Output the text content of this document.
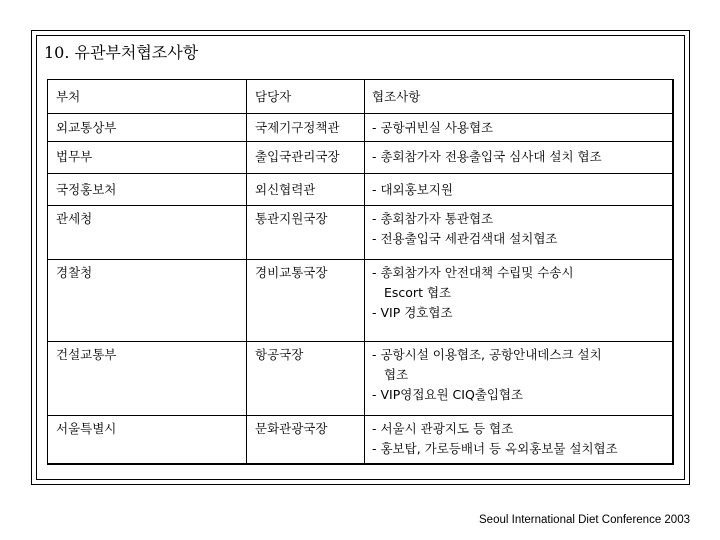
10. 유관부처협조사항
부처	담당자	협조사항
외교통상부	국제기구정책관	- 공항귀빈실 사용협조
법무부	출입국관리국장	- 총회참가자 전용출입국 심사대 설치 협조
국정홍보처	외신협력관	- 대외홍보지원
관세청	통관지원국장	- 총회참가자 통관협조
- 전용출입국 세관검색대 설치협조
경찰청	경비교통국장	- 총회참가자 안전대책 수립및 수송시
Escort 협조
- VIP 경호협조
건설교통부	항공국장	- 공항시설 이용협조, 공항안내데스크 설치
협조
- VIP영접요원 CIQ출입협조
서울특별시	문화관광국장	- 서울시 관광지도 등 협조
- 홍보탑, 가로등배너 등 옥외홍보물 설치협조
Seoul International Diet Conference 2003
